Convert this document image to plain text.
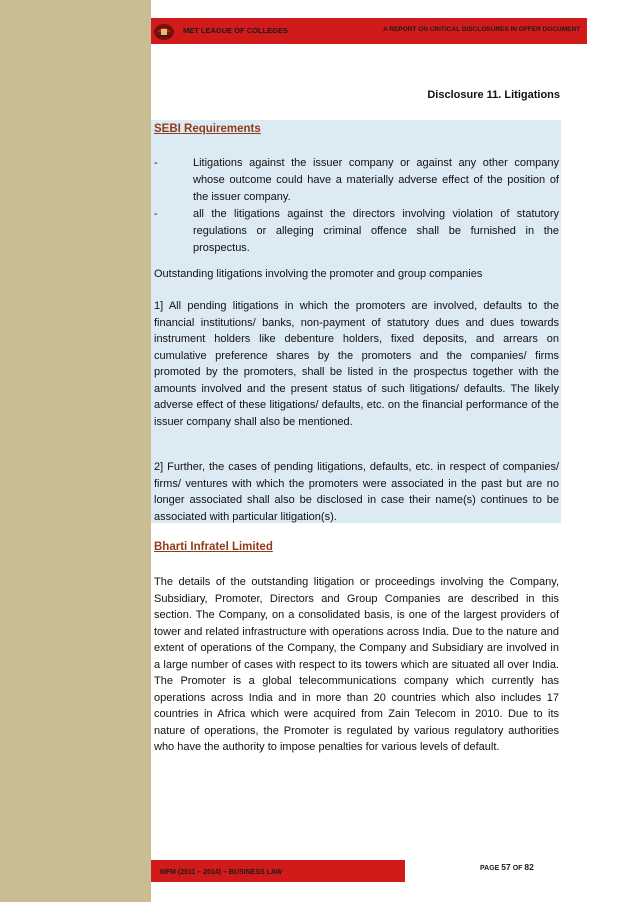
MET LEAGUE OF COLLEGES	A REPORT ON CRITICAL DISCLOSURES IN OFFER DOCUMENT
Disclosure 11. Litigations
SEBI Requirements
-	Litigations against the issuer company or against any other company whose outcome could have a materially adverse effect of the position of the issuer company.
-	all the litigations against the directors involving violation of statutory regulations or alleging criminal offence shall be furnished in the prospectus.

Outstanding litigations involving the promoter and group companies

1] All pending litigations in which the promoters are involved, defaults to the financial institutions/ banks, non-payment of statutory dues and dues towards instrument holders like debenture holders, fixed deposits, and arrears on cumulative preference shares by the promoters and the companies/ firms promoted by the promoters, shall be listed in the prospectus together with the amounts involved and the present status of such litigations/ defaults. The likely adverse effect of these litigations/ defaults, etc. on the financial performance of the issuer company shall also be mentioned.

2] Further, the cases of pending litigations, defaults, etc. in respect of companies/ firms/ ventures with which the promoters were associated in the past but are no longer associated shall also be disclosed in case their name(s) continues to be associated with particular litigation(s).

Bharti Infratel Limited

The details of the outstanding litigation or proceedings involving the Company, Subsidiary, Promoter, Directors and Group Companies are described in this section. The Company, on a consolidated basis, is one of the largest providers of tower and related infrastructure with operations across India. Due to the nature and extent of operations of the Company, the Company and Subsidiary are involved in a large number of cases with respect to its towers which are situated all over India. The Promoter is a global telecommunications company which currently has operations across India and in more than 20 countries which also includes 17 countries in Africa which were acquired from Zain Telecom in 2010. Due to its nature of operations, the Promoter is regulated by various regulatory authorities who have the authority to impose penalties for various levels of default.

MFM (2011 – 2014) – BUSINESS LAW
PAGE 57 OF 82
